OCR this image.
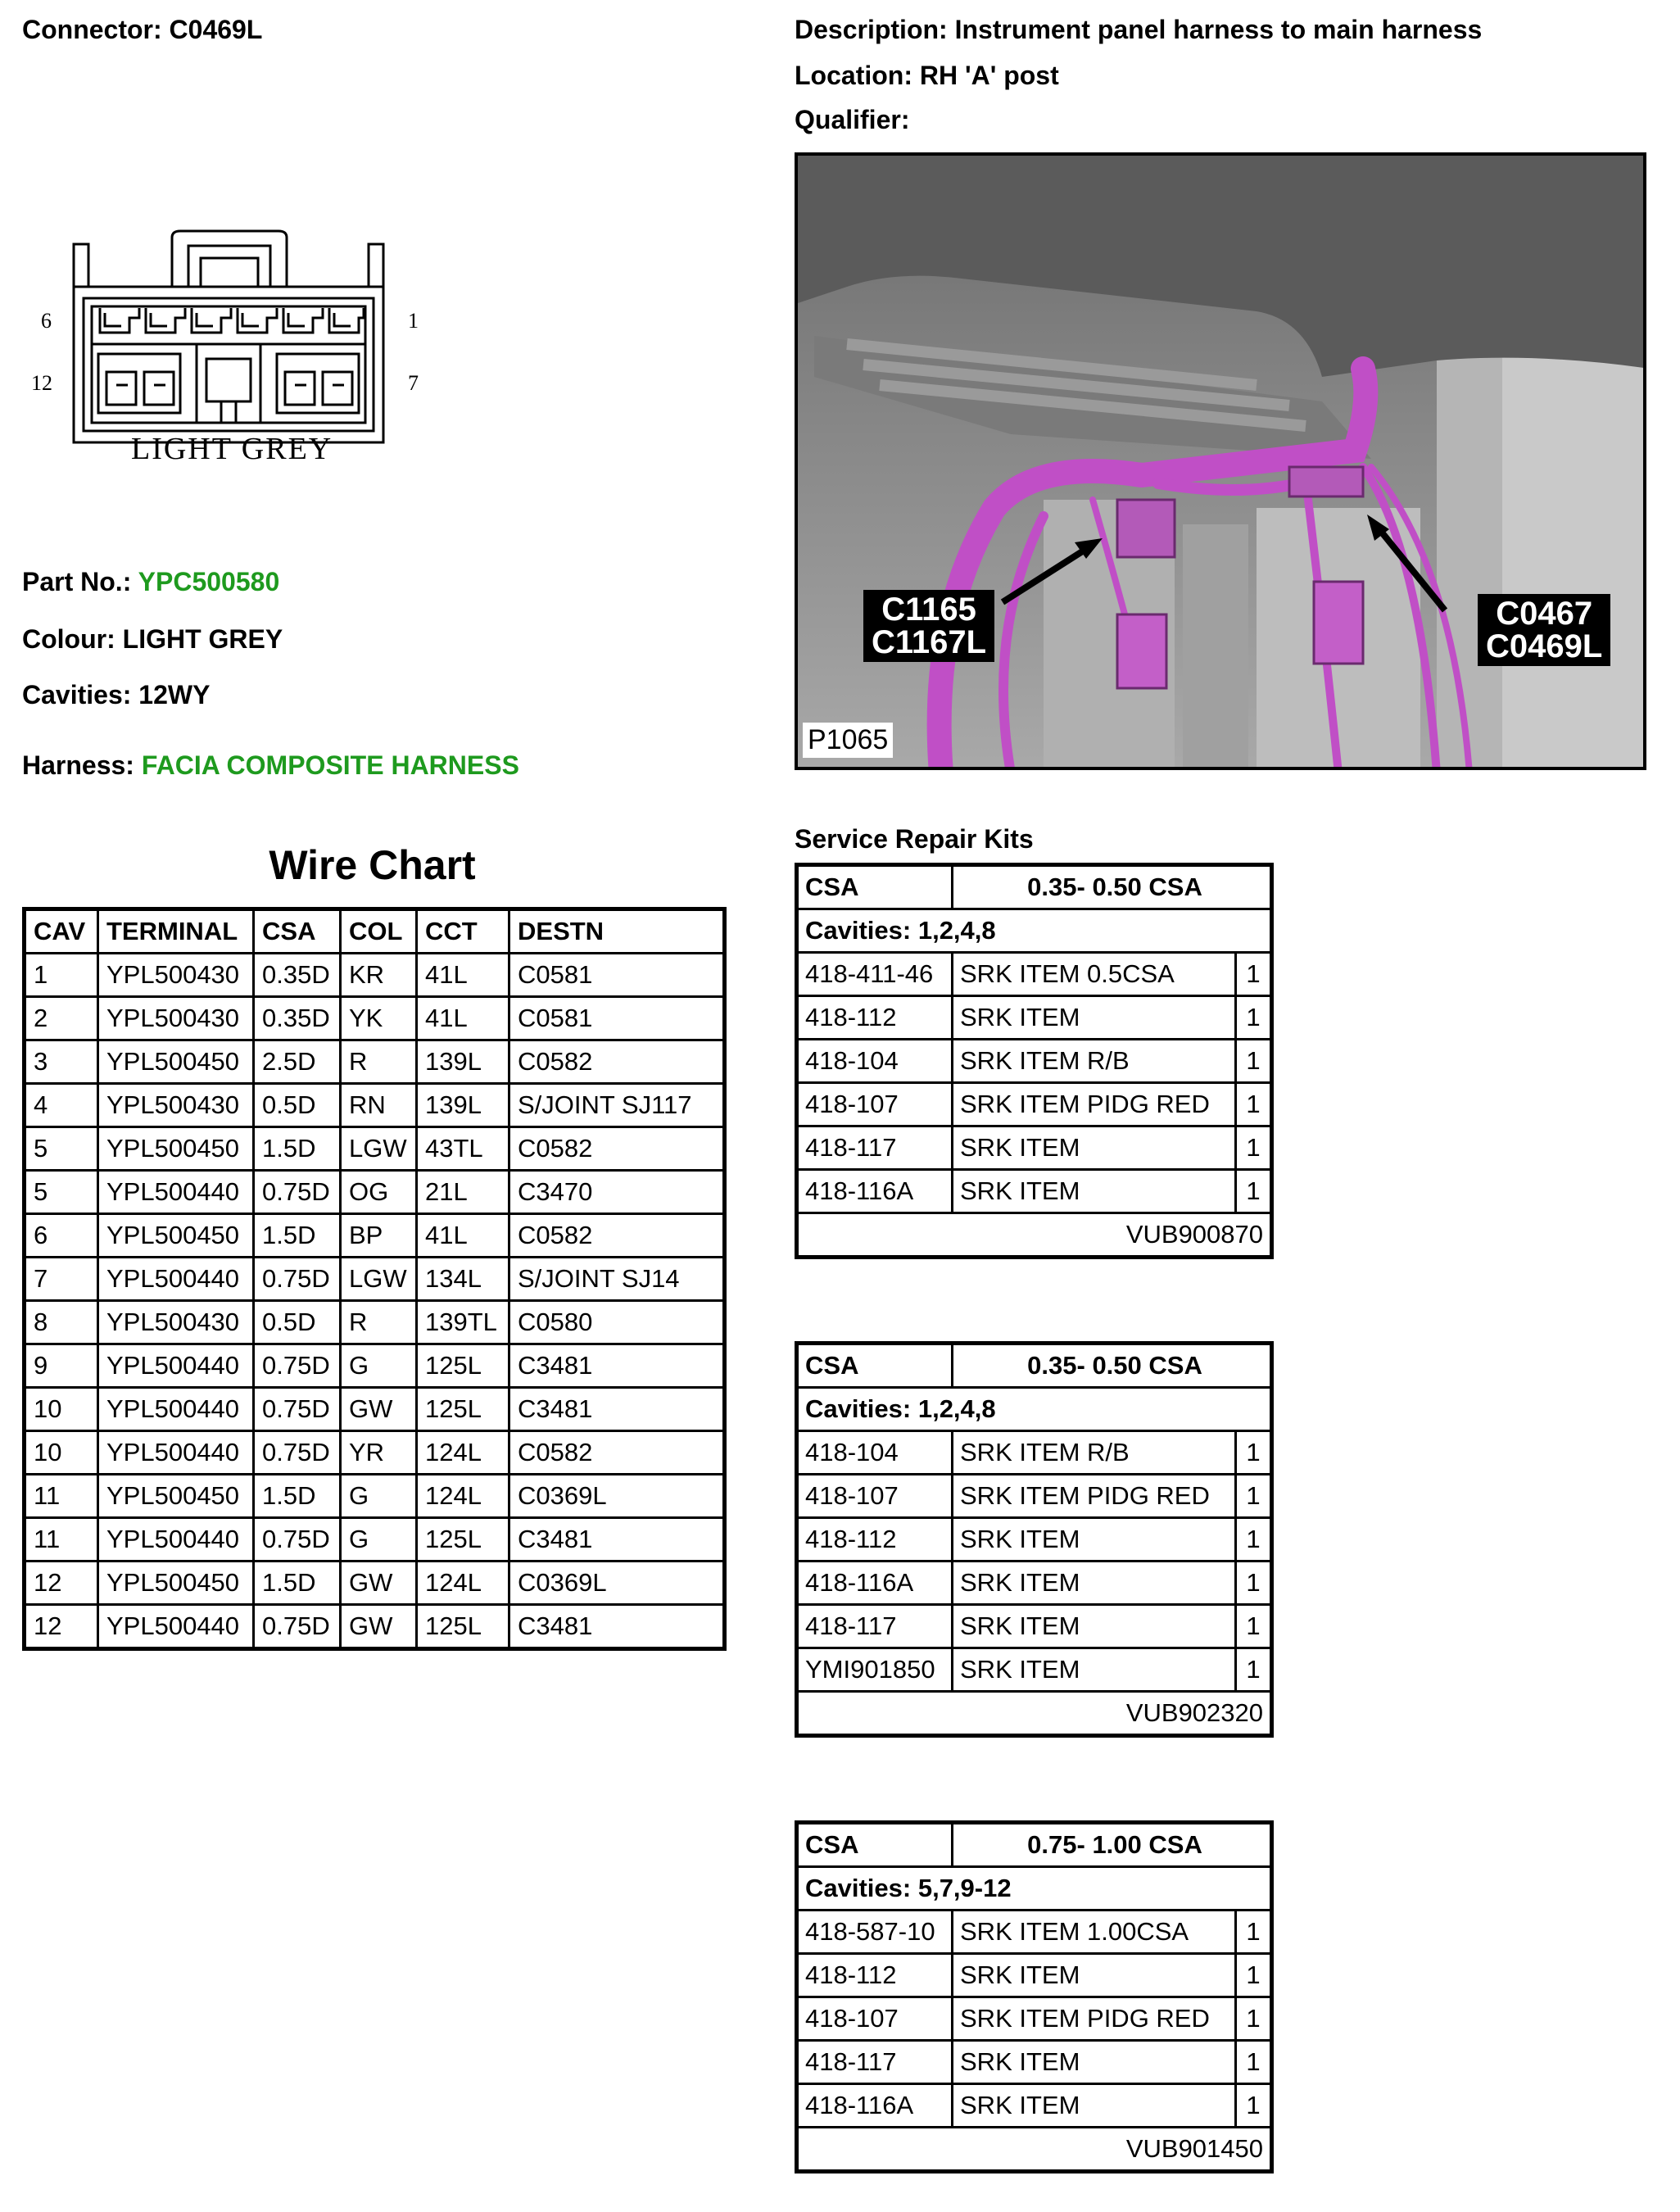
Connector: C0469L	Description: Instrument panel harness to main harness
Location: RH 'A' post
Qualifier:
6	1
12	7
LIGHT GREY
Part No.: YPC500580
Colour: LIGHT GREY
Cavities: 12WY
Harness: FACIA COMPOSITE HARNESS
C1165
C1167L
C0467
C0469L
P1065
Wire Chart
CAV	TERMINAL	CSA	COL	CCT	DESTN
1	YPL500430	0.35D	KR	41L	C0581
2	YPL500430	0.35D	YK	41L	C0581
3	YPL500450	2.5D	R	139L	C0582
4	YPL500430	0.5D	RN	139L	S/JOINT SJ117
5	YPL500450	1.5D	LGW	43TL	C0582
5	YPL500440	0.75D	OG	21L	C3470
6	YPL500450	1.5D	BP	41L	C0582
7	YPL500440	0.75D	LGW	134L	S/JOINT SJ14
8	YPL500430	0.5D	R	139TL	C0580
9	YPL500440	0.75D	G	125L	C3481
10	YPL500440	0.75D	GW	125L	C3481
10	YPL500440	0.75D	YR	124L	C0582
11	YPL500450	1.5D	G	124L	C0369L
11	YPL500440	0.75D	G	125L	C3481
12	YPL500450	1.5D	GW	124L	C0369L
12	YPL500440	0.75D	GW	125L	C3481
Service Repair Kits
CSA	0.35- 0.50 CSA	
Cavities: 1,2,4,8		
418-411-46	SRK ITEM 0.5CSA	1
418-112	SRK ITEM	1
418-104	SRK ITEM R/B	1
418-107	SRK ITEM PIDG RED	1
418-117	SRK ITEM	1
418-116A	SRK ITEM	1
VUB900870		
CSA	0.35- 0.50 CSA	
Cavities: 1,2,4,8		
418-104	SRK ITEM R/B	1
418-107	SRK ITEM PIDG RED	1
418-112	SRK ITEM	1
418-116A	SRK ITEM	1
418-117	SRK ITEM	1
YMI901850	SRK ITEM	1
VUB902320		
CSA	0.75- 1.00 CSA	
Cavities: 5,7,9-12		
418-587-10	SRK ITEM 1.00CSA	1
418-112	SRK ITEM	1
418-107	SRK ITEM PIDG RED	1
418-117	SRK ITEM	1
418-116A	SRK ITEM	1
VUB901450		
